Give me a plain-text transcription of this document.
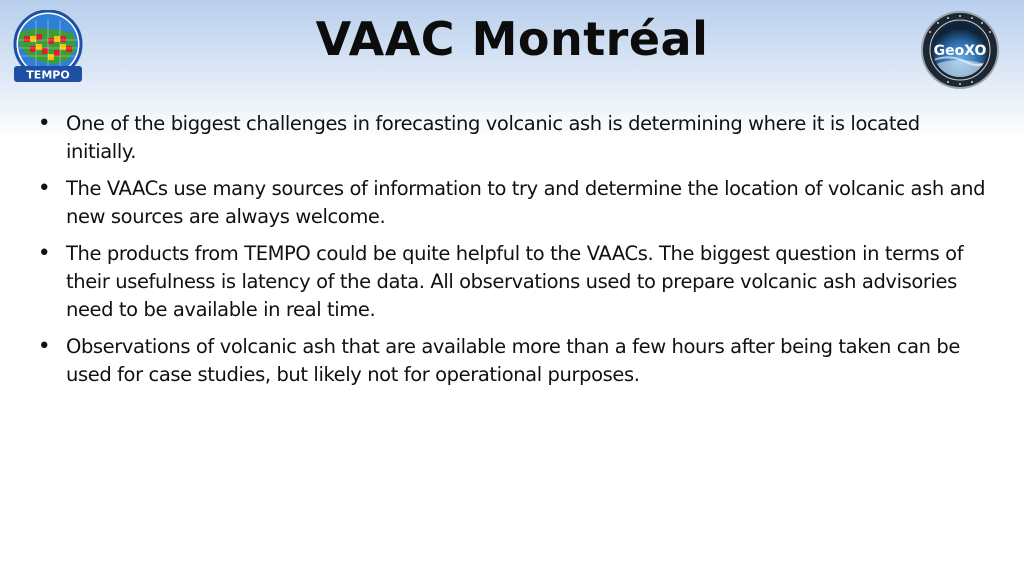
TEMPO
VAAC Montréal	GeoXO
• One of the biggest challenges in forecasting volcanic ash is determining where it is located initially.
• The VAACs use many sources of information to try and determine the location of volcanic ash and new sources are always welcome.
• The products from TEMPO could be quite helpful to the VAACs. The biggest question in terms of their usefulness is latency of the data. All observations used to prepare volcanic ash advisories need to be available in real time.
• Observations of volcanic ash that are available more than a few hours after being taken can be used for case studies, but likely not for operational purposes.
